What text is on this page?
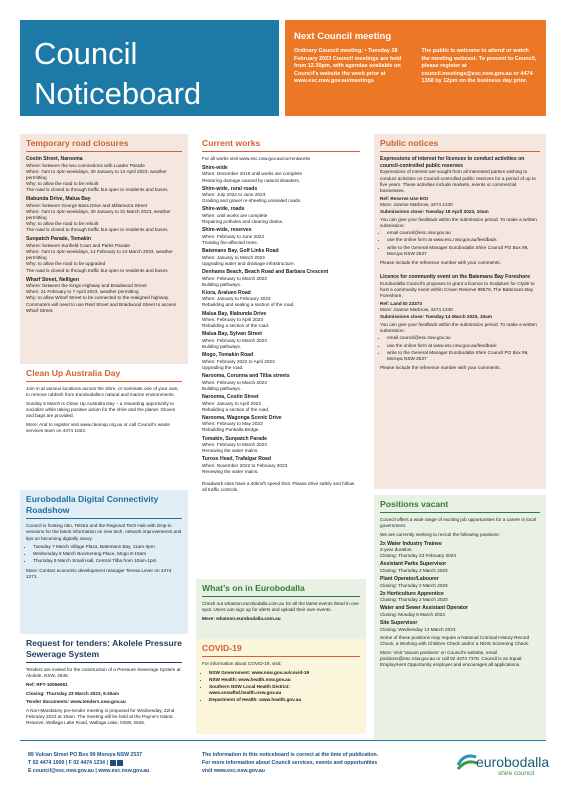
Council
Noticeboard
Next Council meeting
Ordinary Council meeting: • Tuesday 28 February 2023 Council meetings are held from 12.30pm, with agendas available on Council’s website the week prior at www.esc.nsw.gov.au/meetings
The public is welcome to attend or watch the meeting webcast. To present to Council, please register at council.meetings@esc.nsw.gov.au or 4474 1358 by 12pm on the business day prior.
Temporary road closures
Costin Street, Narooma
Where: between the two connections with Loader Parade
When: 7am to 4pm weekdays, 30 January to 14 April 2023, weather permitting
Why: to allow the road to be rebuilt
The road is closed to through traffic but open to residents and buses.
Illabunda Drive, Malua Bay
Where: between George Bass Drive and Millamurra Street
When: 7am to 4pm weekdays, 30 January to 31 March 2023, weather permitting
Why: to allow the road to be rebuilt
The road is closed to through traffic but open to residents and buses.
Sunpatch Parade, Tomakin
Where: between Sunfield Court and Parks Parade
When: 7am to 4pm weekdays, 14 February to 24 March 2023, weather permitting
Why: to allow the road to be upgraded
The road is closed to through traffic but open to residents and buses.
Wharf Street, Nelligen
Where: between the Kings Highway and Braidwood Street
When: 21 February to 7 April 2023, weather permitting
Why: to allow Wharf Street to be connected to the realigned highway.
Commuters will need to use Reid Street and Braidwood Street to access Wharf Street.
Clean Up Australia Day
Join in at various locations across the shire, or nominate one of your own, to remove rubbish from Eurobodalla’s natural and marine environments.
Sunday 5 March is Clean Up Australia Day – a rewarding opportunity to socialize while taking positive action for the shire and the planet. Gloves and bags are provided.
More: And to register visit www.cleanup.org.au or call Council’s waste services team on 4474 1024.
Eurobodalla Digital Connectivity Roadshow
Council is hosting nbn, Telstra and the Regional Tech Hub with drop-in sessions for the latest information on new tech, network improvements and tips on becoming digitally savvy.
• Tuesday 7 March Village Plaza, Batemans Bay, 11am-3pm
• Wednesday 8 March Boomerang Place, Mogo 8-10am
• Thursday 9 March Small Hall, Central Tilba from 10am-1pm
More: Contact economic development manager Teresa Lever on 4474 1271.
Request for tenders: Akolele Pressure Sewerage System
Tenders are invited for the construction of a Pressure Sewerage System at Akolele, NSW, 2546.
Ref: RFT-10056051
Closing: Thursday 23 March 2023, 9.30am
Tender documents: www.tenders.nsw.gov.au
A Non-Mandatory pre-tender meeting is proposed for Wednesday, 22nd February 2023 at 10am. The meeting will be held at the Payne’s Island Reserve, Wallaga Lake Road, Wallaga Lake, NSW, 2546.
Current works
For all works visit www.esc.nsw.gov.au/currentworks
Shire-wide
When: December 2019 until works are complete
Restoring damage caused by natural disasters.
Shire-wide, rural roads
When: July 2022 to June 2023
Grading and gravel re-sheeting unsealed roads.
Shire-wide, roads
When: until works are complete
Repairing potholes and clearing drains.
Shire-wide, reserves
When: February to June 2023
Treating fire-affected trees.
Batemans Bay, Golf Links Road
When: January to March 2023
Upgrading water and drainage infrastructure.
Denhams Beach, Beach Road and Barbara Crescent
When: February to March 2023
Building pathways.
Kiora, Araluen Road
When: January to February 2023
Rebuilding and sealing a section of the road.
Malua Bay, Illabunda Drive
When: February to April 2023
Rebuilding a section of the road.
Malua Bay, Sylvan Street
When: February to March 2023
Building pathways.
Mogo, Tomakin Road
When: February 2022 to April 2023
Upgrading the road.
Narooma, Corunna and Tilba streets
When: February to March 2023
Building pathways.
Narooma, Costin Street
When: January to April 2023
Rebuilding a section of the road.
Narooma, Wagonga Scenic Drive
When: February to May 2023
Rebuilding Punkalla Bridge.
Tomakin, Sunpatch Parade
When: February to March 2023
Renewing the water mains.
Tuross Head, Trafalgar Road
When: November 2022 to February 2023
Renewing the water mains.
Roadwork sites have a 40km/h speed limit. Please drive safely and follow all traffic controls.
What’s on in Eurobodalla
Check out whatson.eurobodalla.com.au for all the latest events listed in one spot. Users can sign up for alerts and upload their own events.
More: whatson.eurobodalla.com.au
COVID-19
For information about COVID-19, visit:
• NSW Government: www.nsw.gov.au/covid-19
• NSW Health: www.health.nsw.gov.au
• Southern NSW Local Health District: www.snswlhd.health.nsw.gov.au
• Department of Health: www.health.gov.au
Public notices
Expressions of interest for licences to conduct activities on council-controlled public reserves
Expressions of Interest are sought from all interested parties wishing to conduct activities on Council-controlled public reserves for a period of up to five years. These activities include markets, events or commercial businesses.
Ref: Reserve Use EOI
More: Joanne Marbrow, 4474 1330
Submissions close: Tuesday 18 April 2023, 10am
You can give your feedback within the submission period. To make a written submission:
• email council@esc.nsw.gov.au
• use the online form at www.esc.nsw.gov.au/feedback
• write to the General Manager Eurobodalla Shire Council PO Box 99, Moruya NSW 2537
Please include the reference number with your comments.
Licence for community event on the Batemans Bay Foreshore
Eurobodalla Council’s proposes to grant a licence to Sculpture for Clyde to host a community event within Crown Reserve 89579, The Batemans Bay Foreshore.
Ref: Land ID 23373
More: Joanne Marbrow, 4474 1330
Submissions close: Tuesday 14 March 2023, 10am
You can give your feedback within the submission period. To make a written submission:
• email council@esc.nsw.gov.au
• use the online form at www.esc.nsw.gov.au/feedback
• write to the General Manager Eurobodalla Shire Council PO Box 99, Moruya NSW 2537
Please include the reference number with your comments.
Positions vacant
Council offers a wide range of exciting job opportunities for a career in local government.
We are currently seeking to recruit the following positions:
2x Water Industry Trainee
2-year duration
Closing: Thursday 23 February 2023
Assistant Parks Supervisor
Closing: Thursday 2 March 2023
Plant Operator/Labourer
Closing: Thursday 2 March 2023
2x Horticulture Apprentice
Closing: Thursday 2 March 2023
Water and Sewer Assistant Operator
Closing: Monday 6 March 2023
Site Supervisor
Closing: Wednesday 13 March 2023
Some of these positions may require a National Criminal History Record Check, a Working with Children Check and/or a NDIS Screening Check.
More: Visit ‘Vacant positions’ on Council’s website, email positions@esc.nsw.gov.au or call 02 4474 7378. Council is an Equal Employment Opportunity employer and encourages all applications.
89 Vulcan Street PO Box 99 Moruya NSW 2537
T 02 4474 1000 | F 02 4474 1234 |
E council@esc.nsw.gov.au | www.esc.nsw.gov.au
The information in this noticeboard is correct at the time of publication. For more information about Council services, events and opportunities visit www.esc.nsw.gov.au
eurobodalla
shire council
